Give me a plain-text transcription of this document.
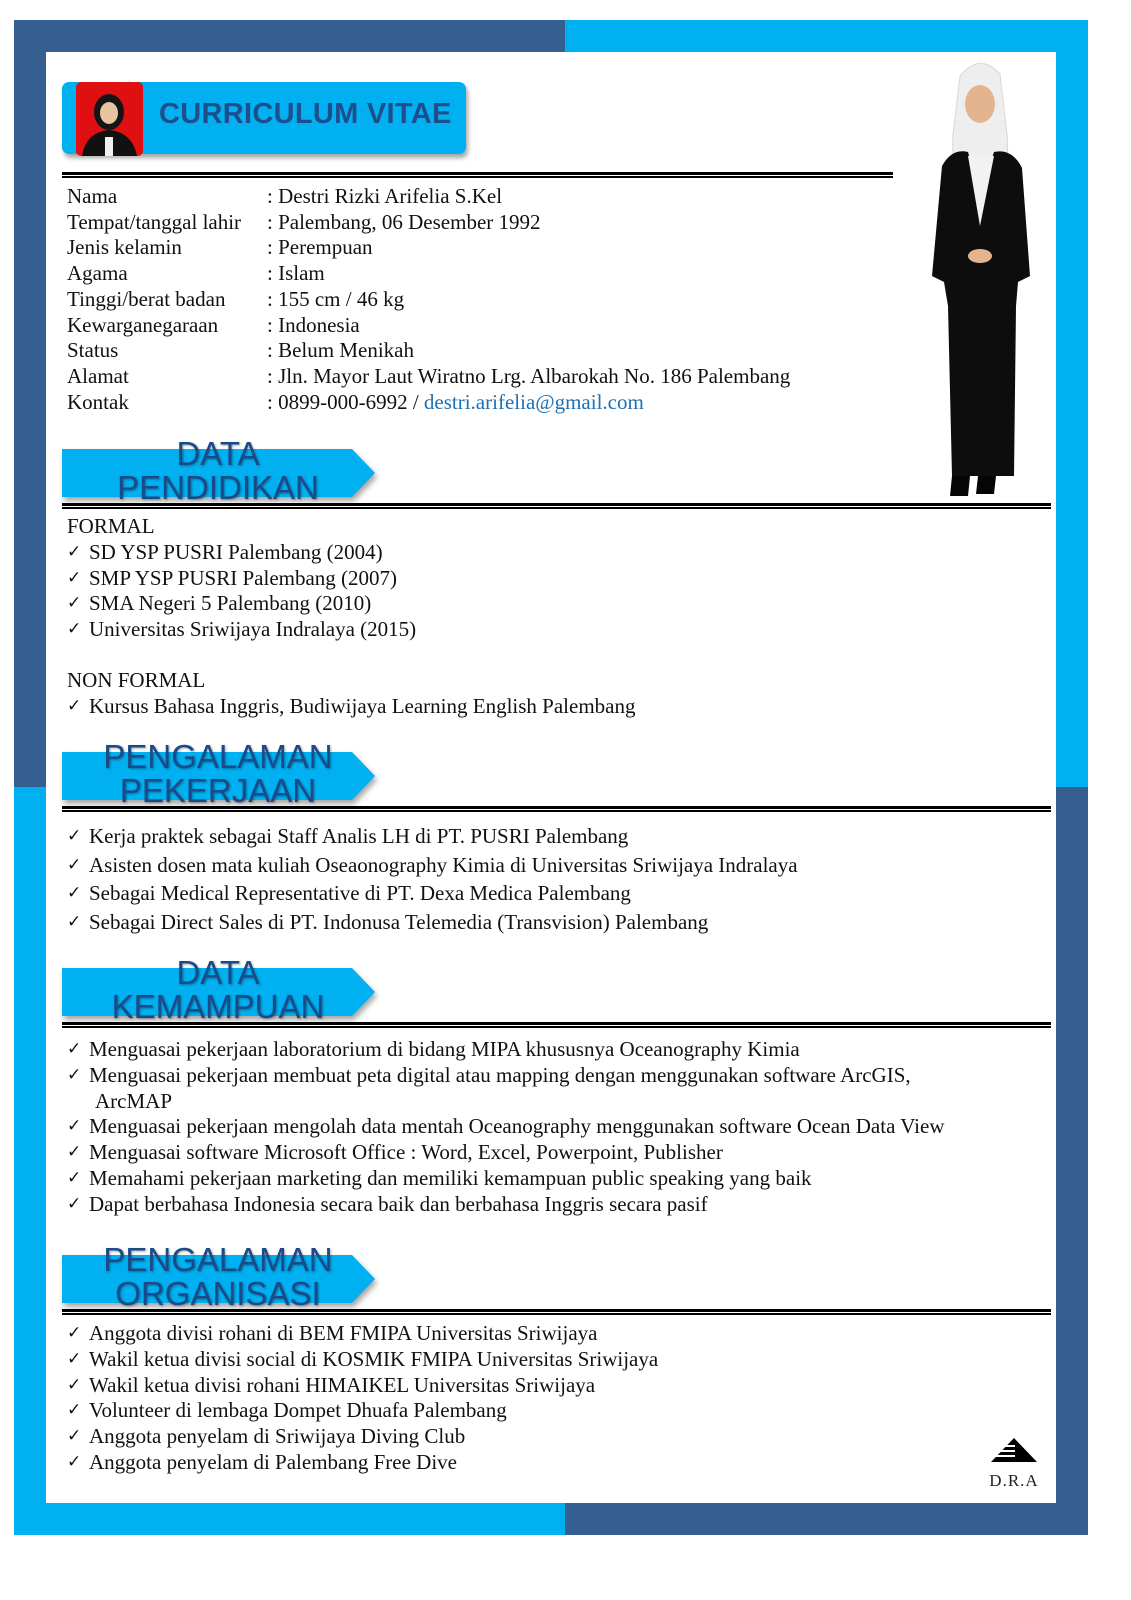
CURRICULUM VITAE
Nama	: Destri Rizki Arifelia S.Kel
Tempat/tanggal lahir	: Palembang, 06 Desember 1992
Jenis kelamin	: Perempuan
Agama	: Islam
Tinggi/berat badan	: 155 cm / 46 kg
Kewarganegaraan	: Indonesia
Status	: Belum Menikah
Alamat	: Jln. Mayor Laut Wiratno Lrg. Albarokah No. 186 Palembang
Kontak	: 0899-000-6992 / destri.arifelia@gmail.com
DATA
PENDIDIKAN
FORMAL
✓ SD YSP PUSRI Palembang (2004)
✓ SMP YSP PUSRI Palembang (2007)
✓ SMA Negeri 5 Palembang (2010)
✓ Universitas Sriwijaya Indralaya (2015)
NON FORMAL
✓ Kursus Bahasa Inggris, Budiwijaya Learning English Palembang
PENGALAMAN
PEKERJAAN
✓ Kerja praktek sebagai Staff Analis LH di PT. PUSRI Palembang
✓ Asisten dosen mata kuliah Oseaonography Kimia di Universitas Sriwijaya Indralaya
✓ Sebagai Medical Representative di PT. Dexa Medica Palembang
✓ Sebagai Direct Sales di PT. Indonusa Telemedia (Transvision) Palembang
DATA
KEMAMPUAN
✓ Menguasai pekerjaan laboratorium di bidang MIPA khususnya Oceanography Kimia
✓ Menguasai pekerjaan membuat peta digital atau mapping dengan menggunakan software ArcGIS,
ArcMAP
✓ Menguasai pekerjaan mengolah data mentah Oceanography menggunakan software Ocean Data View
✓ Menguasai software Microsoft Office : Word, Excel, Powerpoint, Publisher
✓ Memahami pekerjaan marketing dan memiliki kemampuan public speaking yang baik
✓ Dapat berbahasa Indonesia secara baik dan berbahasa Inggris secara pasif
PENGALAMAN
ORGANISASI
✓ Anggota divisi rohani di BEM FMIPA Universitas Sriwijaya
✓ Wakil ketua divisi social di KOSMIK FMIPA Universitas Sriwijaya
✓ Wakil ketua divisi rohani HIMAIKEL Universitas Sriwijaya
✓ Volunteer di lembaga Dompet Dhuafa Palembang
✓ Anggota penyelam di Sriwijaya Diving Club
✓ Anggota penyelam di Palembang Free Dive
D.R.A
